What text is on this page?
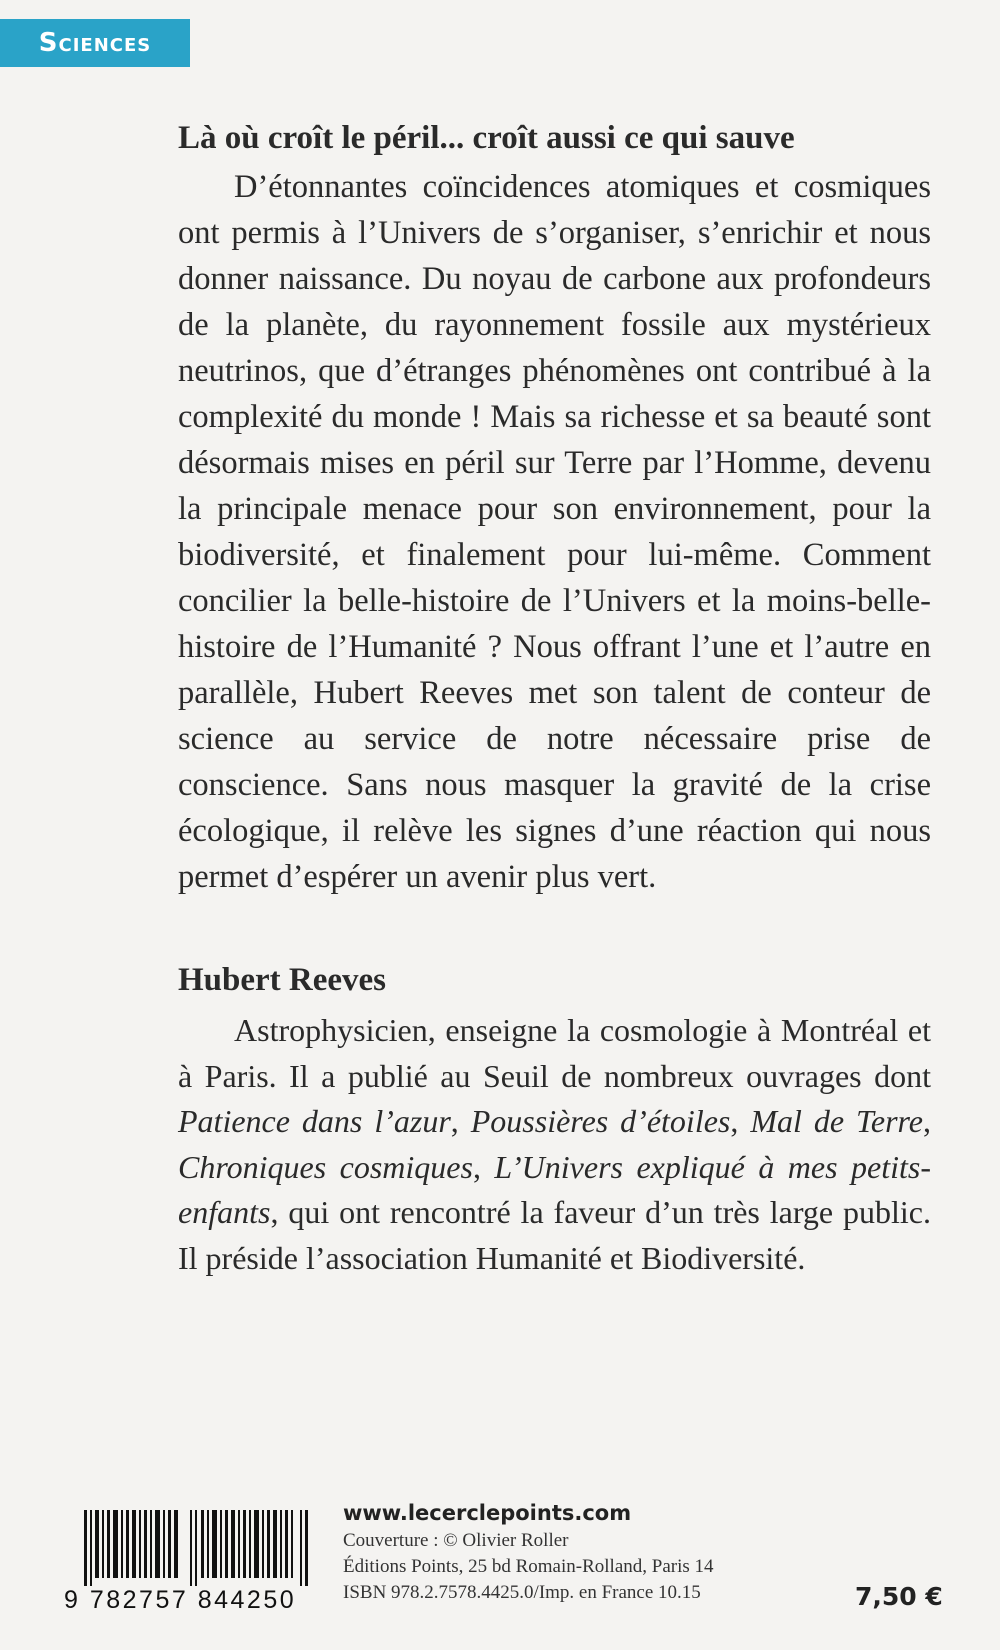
Sciences
Là où croît le péril... croît aussi ce qui sauve

D’étonnantes coïncidences atomiques et cosmiques ont permis à l’Univers de s’organiser, s’enrichir et nous donner naissance. Du noyau de carbone aux profondeurs de la planète, du rayonnement fossile aux mystérieux neutrinos, que d’étranges phénomènes ont contribué à la complexité du monde ! Mais sa richesse et sa beauté sont désormais mises en péril sur Terre par l’Homme, devenu la principale menace pour son environnement, pour la biodiversité, et finalement pour lui-même. Comment concilier la belle-histoire de l’Univers et la moins-belle-histoire de l’Humanité ? Nous offrant l’une et l’autre en parallèle, Hubert Reeves met son talent de conteur de science au service de notre nécessaire prise de conscience. Sans nous masquer la gravité de la crise écologique, il relève les signes d’une réaction qui nous permet d’espérer un avenir plus vert.

Hubert Reeves

Astrophysicien, enseigne la cosmologie à Montréal et à Paris. Il a publié au Seuil de nombreux ouvrages dont Patience dans l’azur, Poussières d’étoiles, Mal de Terre, Chroniques cosmiques, L’Univers expliqué à mes petits-enfants, qui ont rencontré la faveur d’un très large public. Il préside l’association Humanité et Biodiversité.

9 782757 844250
www.lecerclepoints.com
Couverture : © Olivier Roller
Éditions Points, 25 bd Romain-Rolland, Paris 14
ISBN 978.2.7578.4425.0/Imp. en France 10.15	7,50 €
